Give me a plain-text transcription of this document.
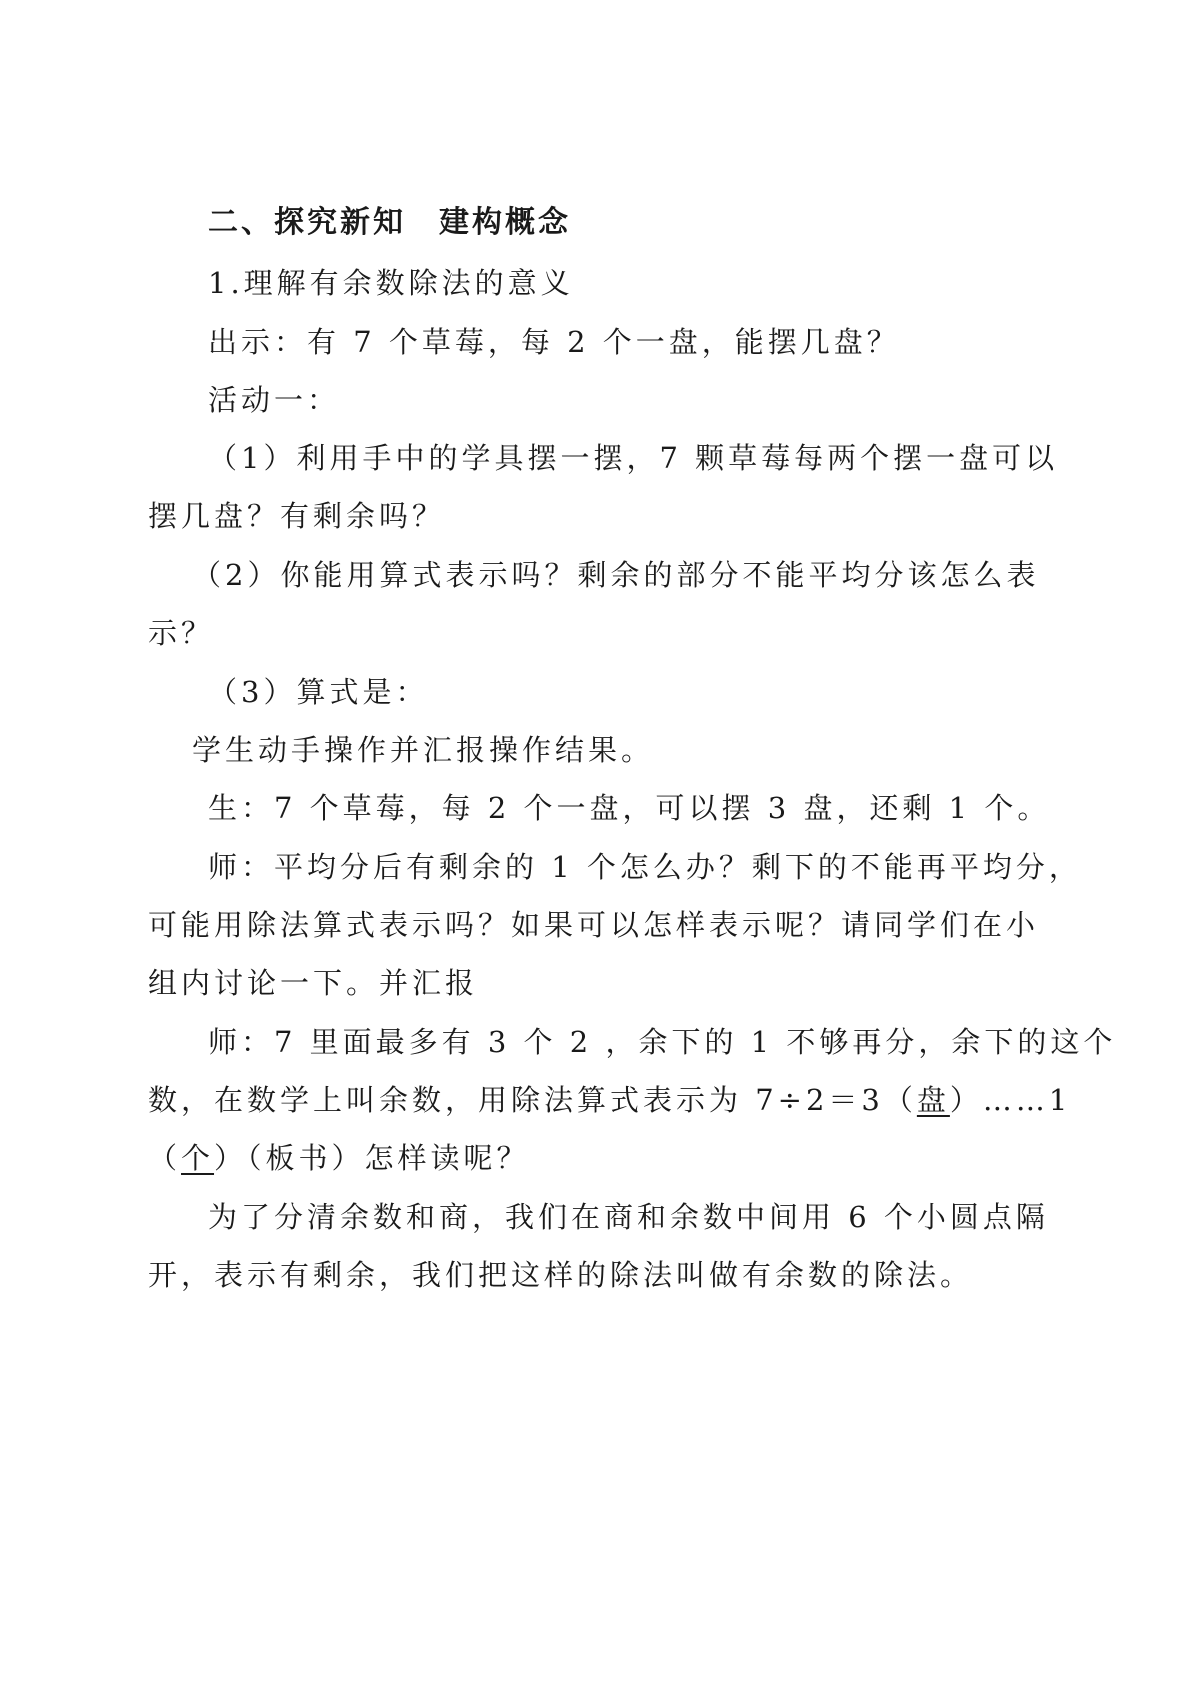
二、探究新知　建构概念
1.理解有余数除法的意义
出示：有 7 个草莓，每 2 个一盘，能摆几盘？
活动一：
（1）利用手中的学具摆一摆，7 颗草莓每两个摆一盘可以
摆几盘？有剩余吗？
（2）你能用算式表示吗？剩余的部分不能平均分该怎么表
示？
（3）算式是：
学生动手操作并汇报操作结果。
生：7 个草莓，每 2 个一盘，可以摆 3 盘，还剩 1 个。
师：平均分后有剩余的 1 个怎么办？剩下的不能再平均分，
可能用除法算式表示吗？如果可以怎样表示呢？请同学们在小
组内讨论一下。并汇报
师：7 里面最多有 3 个 2 ，余下的 1 不够再分，余下的这个
数，在数学上叫余数，用除法算式表示为 7÷2＝3（盘）……1
（个）（板书）怎样读呢？
为了分清余数和商，我们在商和余数中间用 6 个小圆点隔
开，表示有剩余，我们把这样的除法叫做有余数的除法。
